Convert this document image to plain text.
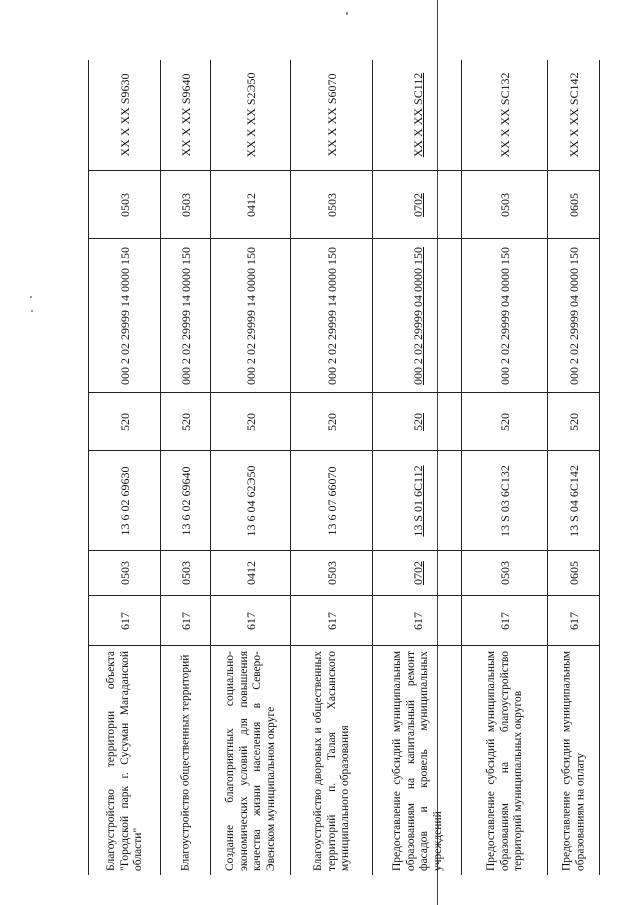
XX X XX S9630
0503
000 2 02 29999 14 0000 150
520
13 6 02 69630
0503
617
Благоустройство территории объекта "Городской парк г. Сусуман Магаданской области"
XX X XX S9640
0503
000 2 02 29999 14 0000 150
520
13 6 02 69640
0503
617
Благоустройство общественных территорий
XX X XX S2Э50
0412
000 2 02 29999 14 0000 150
520
13 6 04 62Э50
0412
617
Создание благоприятных социально-экономических условий для повышения качества жизни населения в Северо-Эвенском муниципальном округе
XX X XX S6070
0503
000 2 02 29999 14 0000 150
520
13 6 07 66070
0503
617
Благоустройство дворовых и общественных территорий п. Талая Хасынского муниципального образования
XX X XX SC112
0702
000 2 02 29999 04 0000 150
520
13 S 01 6С112
0702
617
Предоставление субсидий муниципальным образованиям на капитальный ремонт фасадов и кровель муниципальных учреждений
XX X XX SC132
0503
000 2 02 29999 04 0000 150
520
13 S 03 6С132
0503
617
Предоставление субсидий муниципальным образованиям на благоустройство территорий муниципальных округов
XX X XX SC142
0605
000 2 02 29999 04 0000 150
520
13 S 04 6С142
0605
617
Предоставление субсидии муниципальным образованиям на оплату
